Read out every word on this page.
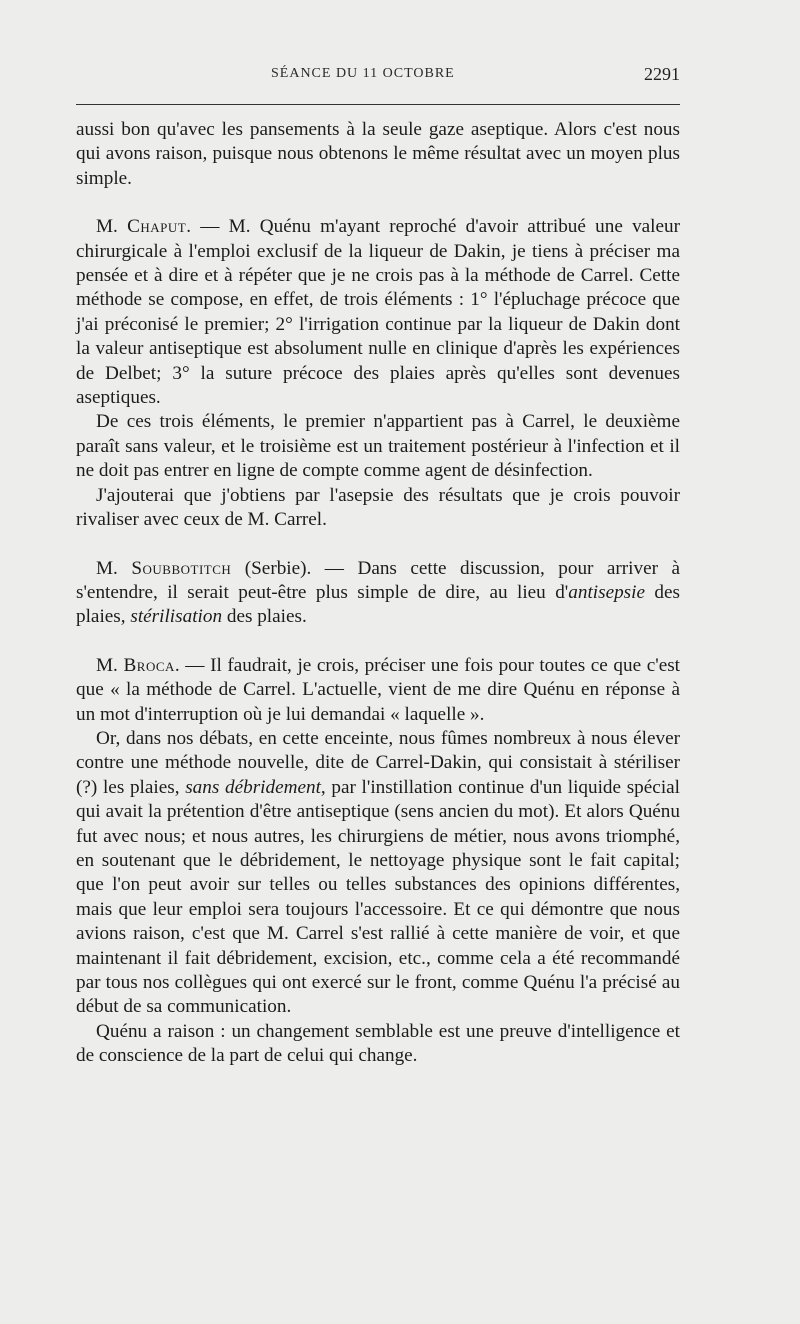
SÉANCE DU 11 OCTOBRE	2291

aussi bon qu'avec les pansements à la seule gaze aseptique. Alors c'est nous qui avons raison, puisque nous obtenons le même résultat avec un moyen plus simple.

M. Chaput. — M. Quénu m'ayant reproché d'avoir attribué une valeur chirurgicale à l'emploi exclusif de la liqueur de Dakin, je tiens à préciser ma pensée et à dire et à répéter que je ne crois pas à la méthode de Carrel. Cette méthode se compose, en effet, de trois éléments : 1° l'épluchage précoce que j'ai préconisé le premier; 2° l'irrigation continue par la liqueur de Dakin dont la valeur antiseptique est absolument nulle en clinique d'après les expériences de Delbet; 3° la suture précoce des plaies après qu'elles sont devenues aseptiques.

De ces trois éléments, le premier n'appartient pas à Carrel, le deuxième paraît sans valeur, et le troisième est un traitement postérieur à l'infection et il ne doit pas entrer en ligne de compte comme agent de désinfection.

J'ajouterai que j'obtiens par l'asepsie des résultats que je crois pouvoir rivaliser avec ceux de M. Carrel.

M. Soubbotitch (Serbie). — Dans cette discussion, pour arriver à s'entendre, il serait peut-être plus simple de dire, au lieu d'antisepsie des plaies, stérilisation des plaies.

M. Broca. — Il faudrait, je crois, préciser une fois pour toutes ce que c'est que « la méthode de Carrel. L'actuelle, vient de me dire Quénu en réponse à un mot d'interruption où je lui demandai « laquelle ».

Or, dans nos débats, en cette enceinte, nous fûmes nombreux à nous élever contre une méthode nouvelle, dite de Carrel-Dakin, qui consistait à stériliser (?) les plaies, sans débridement, par l'instillation continue d'un liquide spécial qui avait la prétention d'être antiseptique (sens ancien du mot). Et alors Quénu fut avec nous; et nous autres, les chirurgiens de métier, nous avons triomphé, en soutenant que le débridement, le nettoyage physique sont le fait capital; que l'on peut avoir sur telles ou telles substances des opinions différentes, mais que leur emploi sera toujours l'accessoire. Et ce qui démontre que nous avions raison, c'est que M. Carrel s'est rallié à cette manière de voir, et que maintenant il fait débridement, excision, etc., comme cela a été recommandé par tous nos collègues qui ont exercé sur le front, comme Quénu l'a précisé au début de sa communication.

Quénu a raison : un changement semblable est une preuve d'intelligence et de conscience de la part de celui qui change.
